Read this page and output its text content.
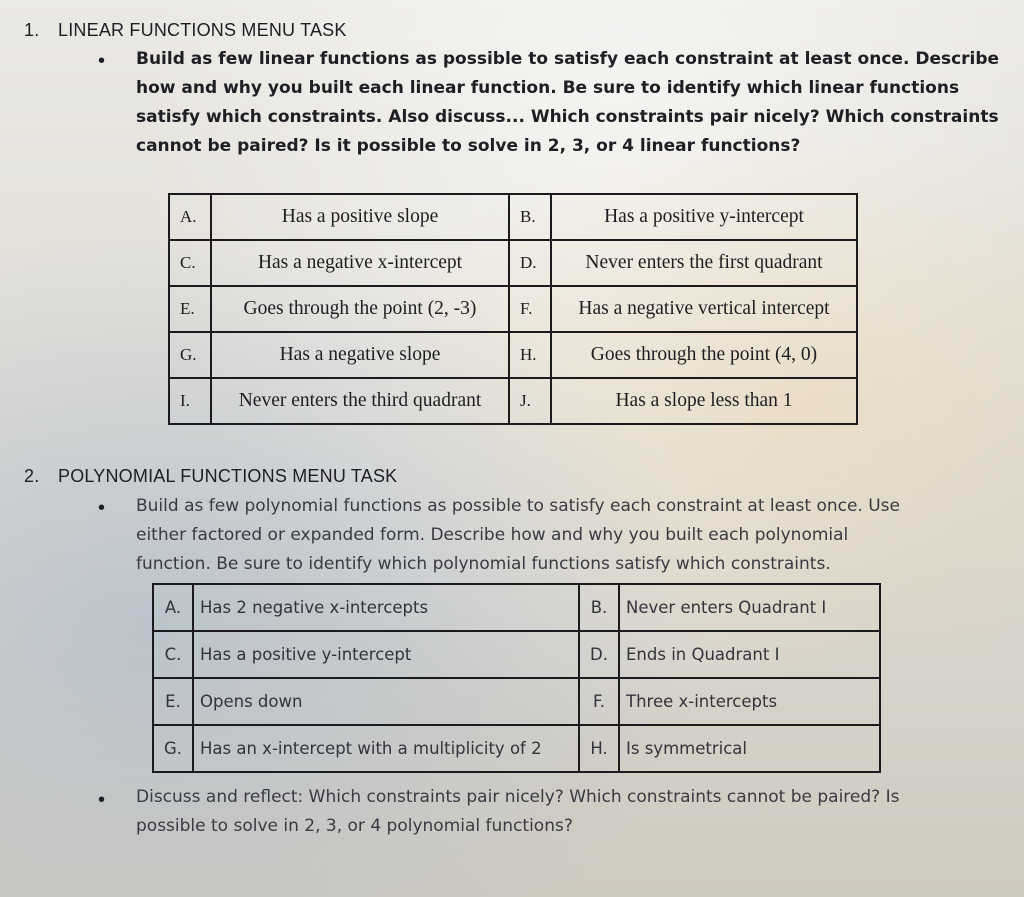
1. LINEAR FUNCTIONS MENU TASK
• Build as few linear functions as possible to satisfy each constraint at least once. Describe
how and why you built each linear function. Be sure to identify which linear functions
satisfy which constraints. Also discuss... Which constraints pair nicely? Which constraints
cannot be paired? Is it possible to solve in 2, 3, or 4 linear functions?
A.	Has a positive slope	B.	Has a positive y-intercept
C.	Has a negative x-intercept	D.	Never enters the first quadrant
E.	Goes through the point (2, -3)	F.	Has a negative vertical intercept
G.	Has a negative slope	H.	Goes through the point (4, 0)
I.	Never enters the third quadrant	J.	Has a slope less than 1
2. POLYNOMIAL FUNCTIONS MENU TASK
• Build as few polynomial functions as possible to satisfy each constraint at least once. Use
either factored or expanded form. Describe how and why you built each polynomial
function. Be sure to identify which polynomial functions satisfy which constraints.
A.	Has 2 negative x-intercepts	B.	Never enters Quadrant I
C.	Has a positive y-intercept	D.	Ends in Quadrant I
E.	Opens down	F.	Three x-intercepts
G.	Has an x-intercept with a multiplicity of 2	H.	Is symmetrical
• Discuss and reflect: Which constraints pair nicely? Which constraints cannot be paired? Is
possible to solve in 2, 3, or 4 polynomial functions?
